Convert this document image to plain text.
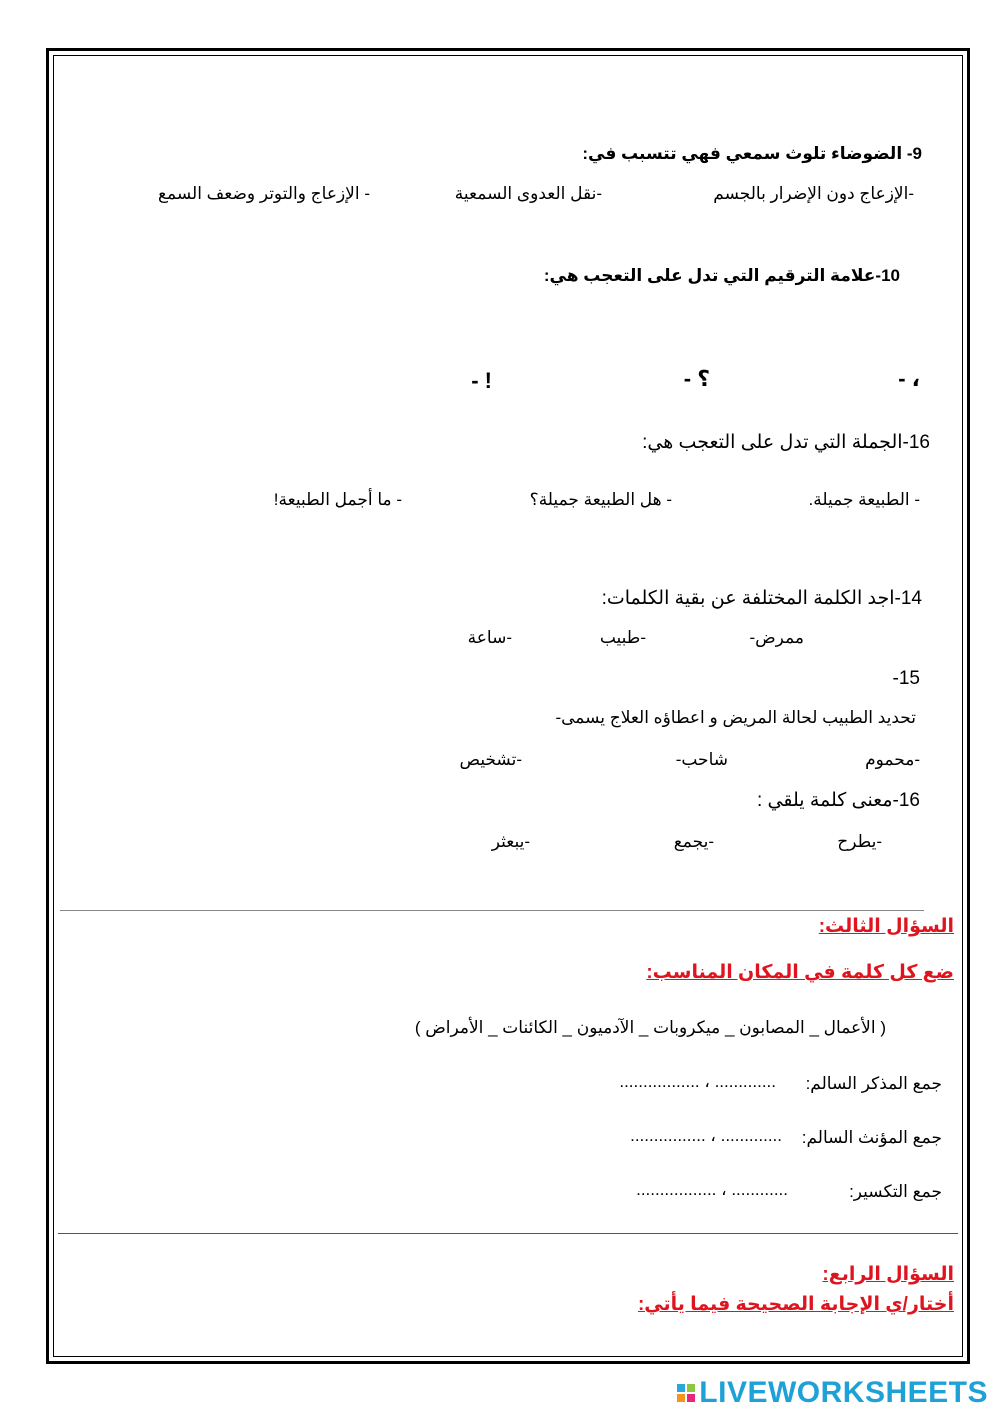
9- الضوضاء تلوث سمعي فهي تتسبب في:
-الإزعاج دون الإضرار بالجسم
-نقل العدوى السمعية
- الإزعاج والتوتر وضعف السمع
10-علامة الترقيم التي تدل على التعجب هي:
، -
؟ -
! -
16-الجملة التي تدل على التعجب هي:
- الطبيعة جميلة.
- هل الطبيعة جميلة؟
- ما أجمل الطبيعة!
14-اجد الكلمة المختلفة عن بقية الكلمات:
ممرض-
-طبيب
-ساعة
15-
تحديد الطبيب لحالة المريض و اعطاؤه العلاج يسمى-
-محموم
شاحب-
-تشخيص
16-معنى كلمة يلقي :
-يطرح
-يجمع
-يبعثر
السؤال الثالث:
ضع كل كلمة في المكان المناسب:
( الأعمال _ المصابون _ ميكروبات _ الآدميون _ الكائنات _ الأمراض )
جمع المذكر السالم:
............. ، .................
جمع المؤنث السالم:
............. ، ................
جمع التكسير:
............ ، .................
السؤال الرابع:
أختار/ي الإجابة الصحيحة فيما يأتي:
LIVEWORKSHEETS
